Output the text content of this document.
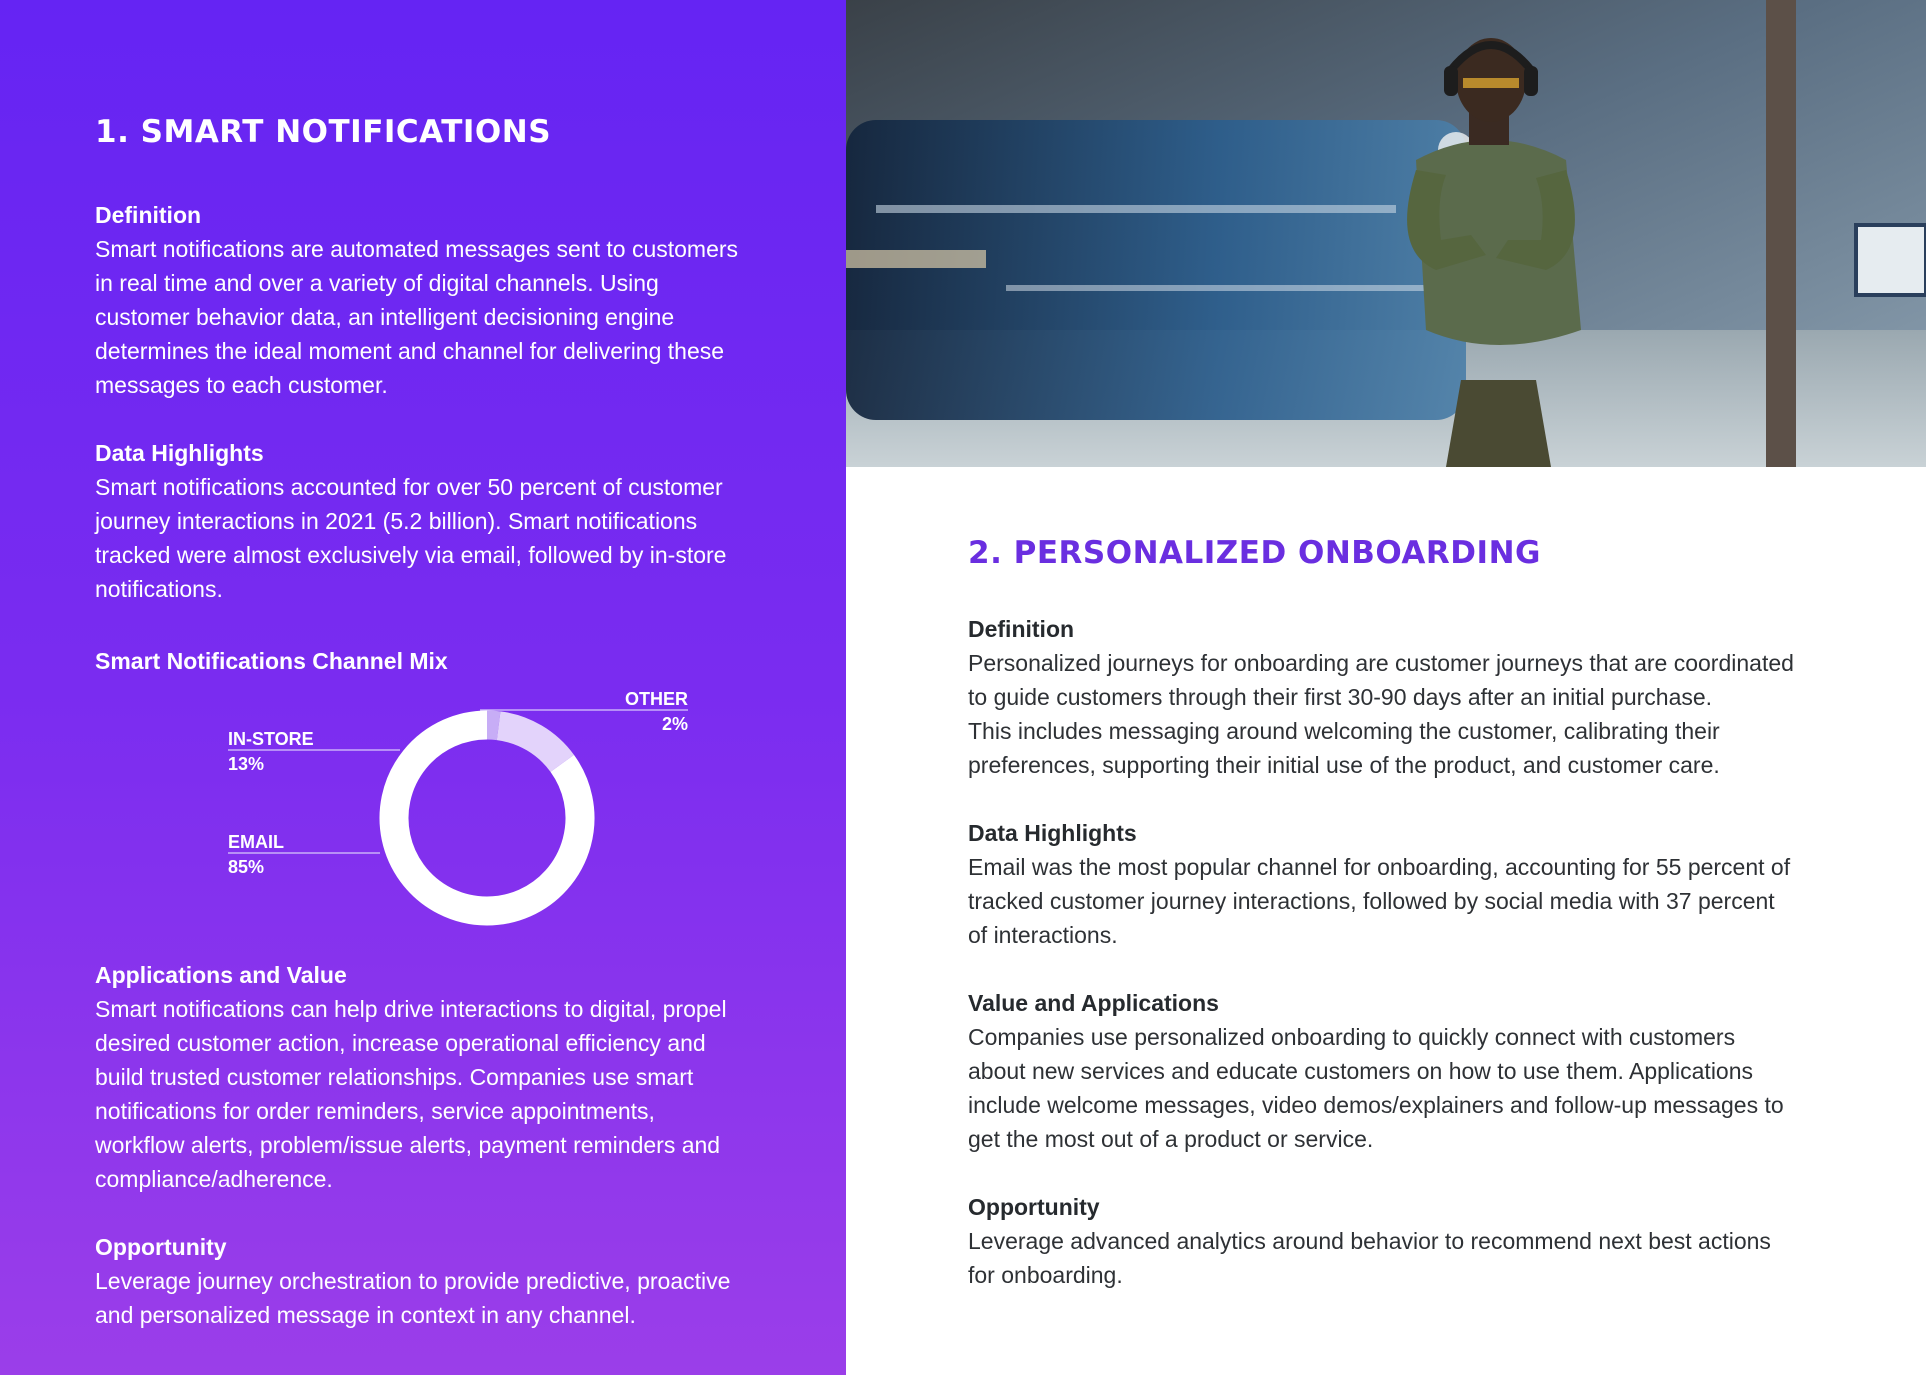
1. SMART NOTIFICATIONS
Definition

Smart notifications are automated messages sent to customers

in real time and over a variety of digital channels. Using

customer behavior data, an intelligent decisioning engine

determines the ideal moment and channel for delivering these

messages to each customer.

Data Highlights

Smart notifications accounted for over 50 percent of customer

journey interactions in 2021 (5.2 billion). Smart notifications

tracked were almost exclusively via email, followed by in-store

notifications.

Smart Notifications Channel Mix
EMAIL
85%
IN-STORE
13%
OTHER
2%
Applications and Value

Smart notifications can help drive interactions to digital, propel

desired customer action, increase operational efficiency and

build trusted customer relationships. Companies use smart

notifications for order reminders, service appointments,

workflow alerts, problem/issue alerts, payment reminders and

compliance/adherence.

Opportunity

Leverage journey orchestration to provide predictive, proactive

and personalized message in context in any channel.

2. PERSONALIZED ONBOARDING
Definition

Personalized journeys for onboarding are customer journeys that are coordinated

to guide customers through their first 30-90 days after an initial purchase.

This includes messaging around welcoming the customer, calibrating their

preferences, supporting their initial use of the product, and customer care.

Data Highlights

Email was the most popular channel for onboarding, accounting for 55 percent of

tracked customer journey interactions, followed by social media with 37 percent

of interactions.

Value and Applications

Companies use personalized onboarding to quickly connect with customers

about new services and educate customers on how to use them. Applications

include welcome messages, video demos/explainers and follow-up messages to

get the most out of a product or service.

Opportunity

Leverage advanced analytics around behavior to recommend next best actions

for onboarding.
